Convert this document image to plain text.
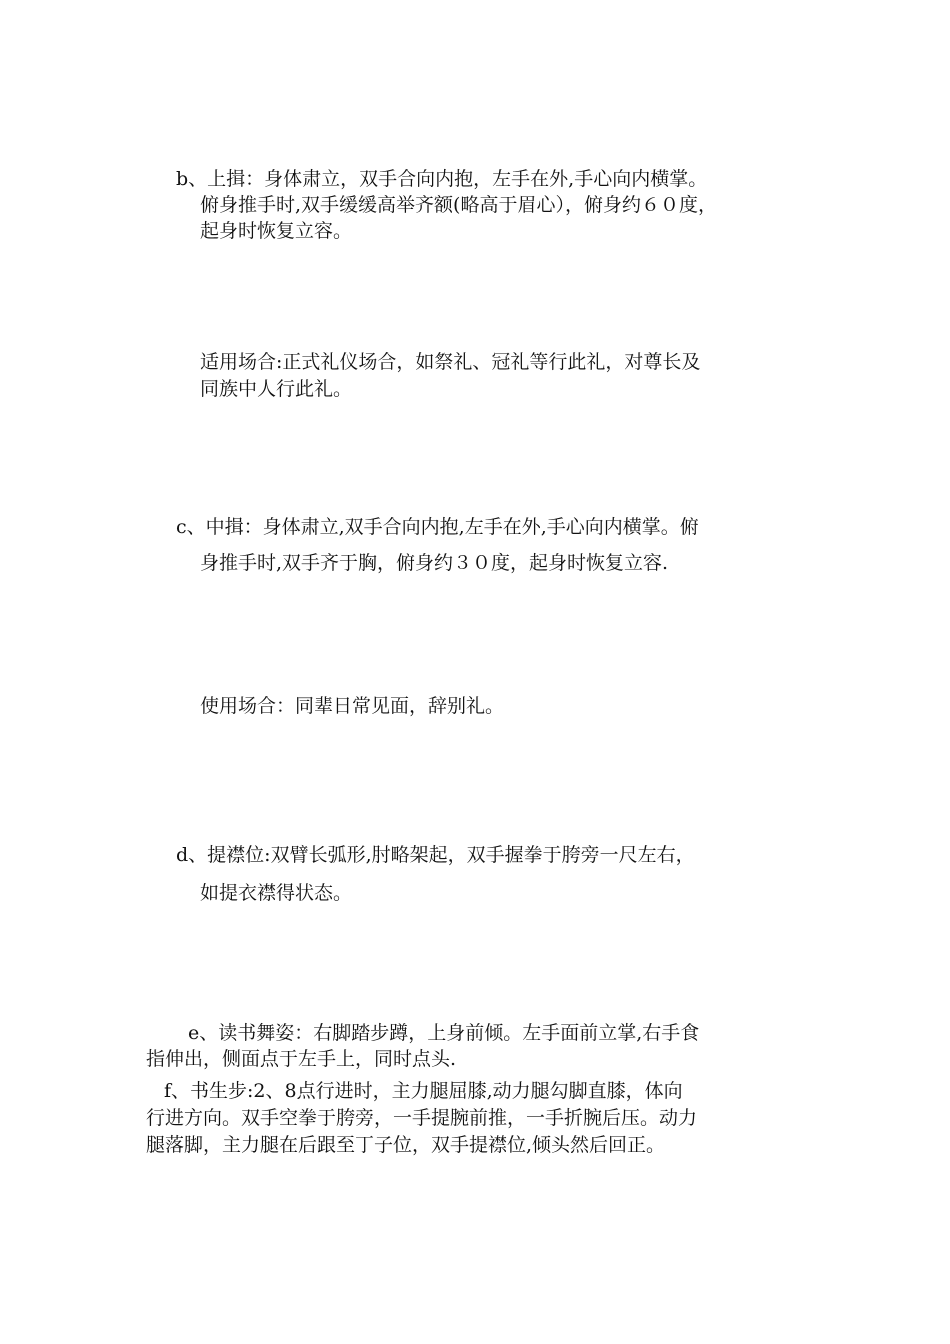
b、上揖：身体肃立，双手合向内抱，左手在外,手心向内横掌。
俯身推手时,双手缓缓高举齐额(略高于眉心），俯身约６０度，
起身时恢复立容。
适用场合:正式礼仪场合，如祭礼、冠礼等行此礼，对尊长及
同族中人行此礼。
c、中揖：身体肃立,双手合向内抱,左手在外,手心向内横掌。俯
身推手时,双手齐于胸，俯身约３０度，起身时恢复立容.
使用场合：同辈日常见面，辞别礼。
d、提襟位:双臂长弧形,肘略架起，双手握拳于胯旁一尺左右，
如提衣襟得状态。
e、读书舞姿：右脚踏步蹲，上身前倾。左手面前立掌,右手食
指伸出，侧面点于左手上，同时点头.
f、书生步:2、8点行进时，主力腿屈膝,动力腿勾脚直膝，体向
行进方向。双手空拳于胯旁，一手提腕前推，一手折腕后压。动力
腿落脚，主力腿在后跟至丁子位，双手提襟位,倾头然后回正。
